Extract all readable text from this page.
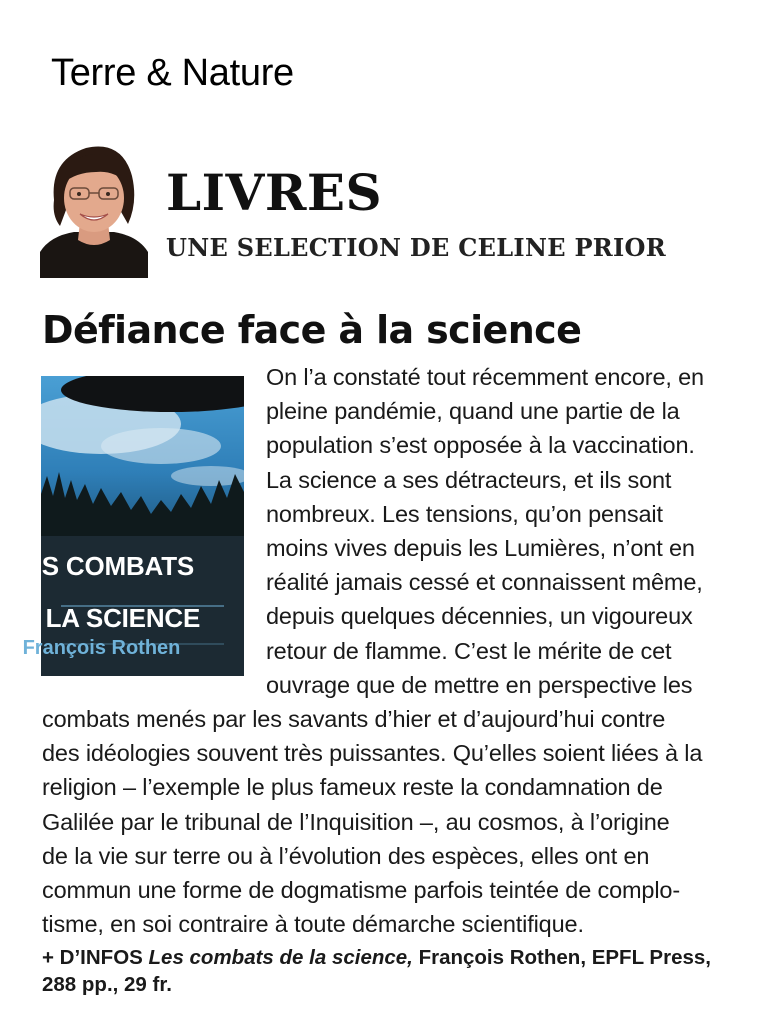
Terre & Nature
LIVRES
UNE SELECTION DE CELINE PRIOR
Défiance face à la science
LES COMBATS
DE LA SCIENCE
François Rothen
On l’a constaté tout récemment encore, en
pleine pandémie, quand une partie de la
population s’est opposée à la vaccination.
La science a ses détracteurs, et ils sont
nombreux. Les tensions, qu’on pensait
moins vives depuis les Lumières, n’ont en
réalité jamais cessé et connaissent même,
depuis quelques décennies, un vigoureux
retour de flamme. C’est le mérite de cet
ouvrage que de mettre en perspective les
combats menés par les savants d’hier et d’aujourd’hui contre
des idéologies souvent très puissantes. Qu’elles soient liées à la
religion – l’exemple le plus fameux reste la condamnation de
Galilée par le tribunal de l’Inquisition –, au cosmos, à l’origine
de la vie sur terre ou à l’évolution des espèces, elles ont en
commun une forme de dogmatisme parfois teintée de complo-
tisme, en soi contraire à toute démarche scientifique.
+ D’INFOS Les combats de la science, François Rothen, EPFL Press,
288 pp., 29 fr.
